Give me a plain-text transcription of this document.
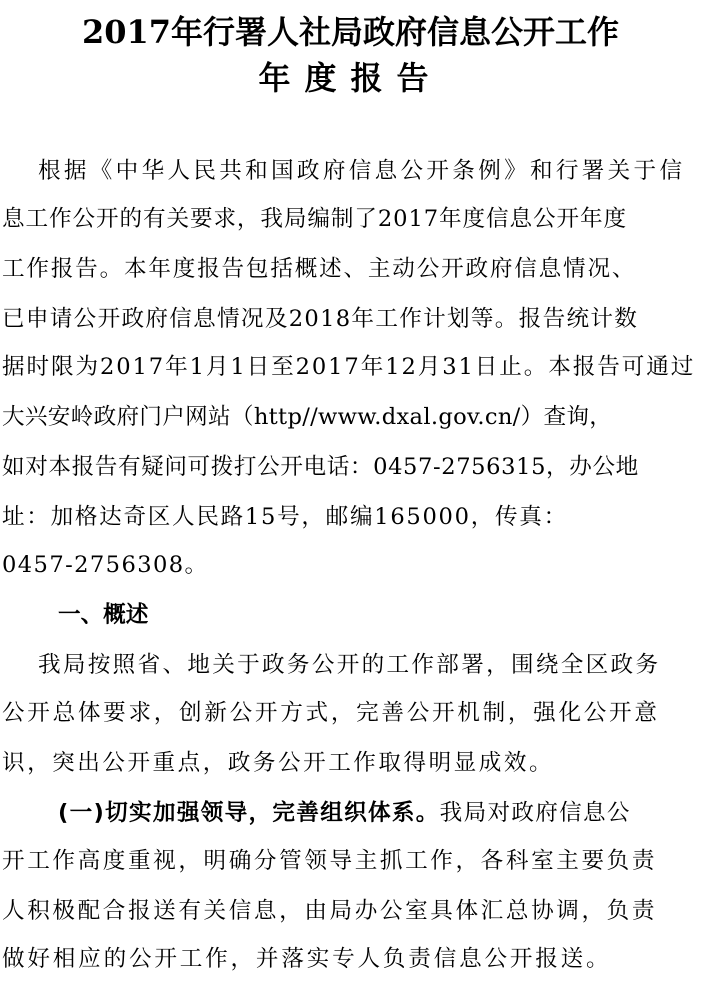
2017年行署人社局政府信息公开工作
年度报告

根据《中华人民共和国政府信息公开条例》和行署关于信

息工作公开的有关要求，我局编制了2017年度信息公开年度

工作报告。本年度报告包括概述、主动公开政府信息情况、

已申请公开政府信息情况及2018年工作计划等。报告统计数

据时限为2017年1月1日至2017年12月31日止。本报告可通过

大兴安岭政府门户网站（http//www.dxal.gov.cn/）查询，

如对本报告有疑问可拨打公开电话：0457-2756315，办公地

址：加格达奇区人民路15号，邮编165000，传真：

0457-2756308。

一、概述

我局按照省、地关于政务公开的工作部署，围绕全区政务

公开总体要求，创新公开方式，完善公开机制，强化公开意

识，突出公开重点，政务公开工作取得明显成效。

(一)切实加强领导，完善组织体系。我局对政府信息公

开工作高度重视，明确分管领导主抓工作，各科室主要负责

人积极配合报送有关信息，由局办公室具体汇总协调，负责

做好相应的公开工作，并落实专人负责信息公开报送。
